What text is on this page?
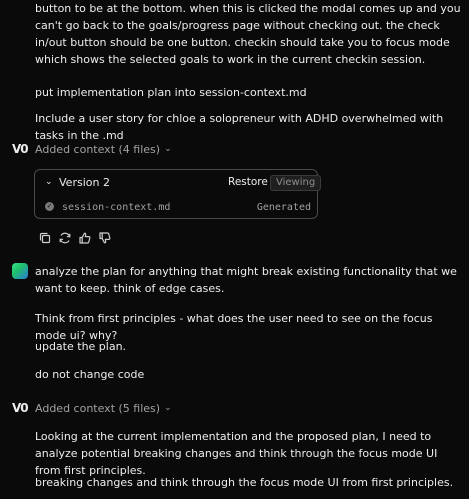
button to be at the bottom. when this is clicked the modal comes up and you can't go back to the goals/progress page without checking out. the check in/out button should be one button. checkin should take you to focus mode which shows the selected goals to work in the current checkin session.

put implementation plan into session-context.md

Include a user story for chloe a solopreneur with ADHD overwhelmed with tasks in the .md

V0 Added context (4 files) ⌄
⌄ Version 2	Restore Viewing
✓ session-context.md	Generated

analyze the plan for anything that might break existing functionality that we want to keep. think of edge cases.

Think from first principles - what does the user need to see on the focus mode ui? why?

update the plan.

do not change code

V0 Added context (5 files) ⌄

Looking at the current implementation and the proposed plan, I need to analyze potential breaking changes and think through the focus mode UI from first principles.

breaking changes and think through the focus mode UI from first principles.
